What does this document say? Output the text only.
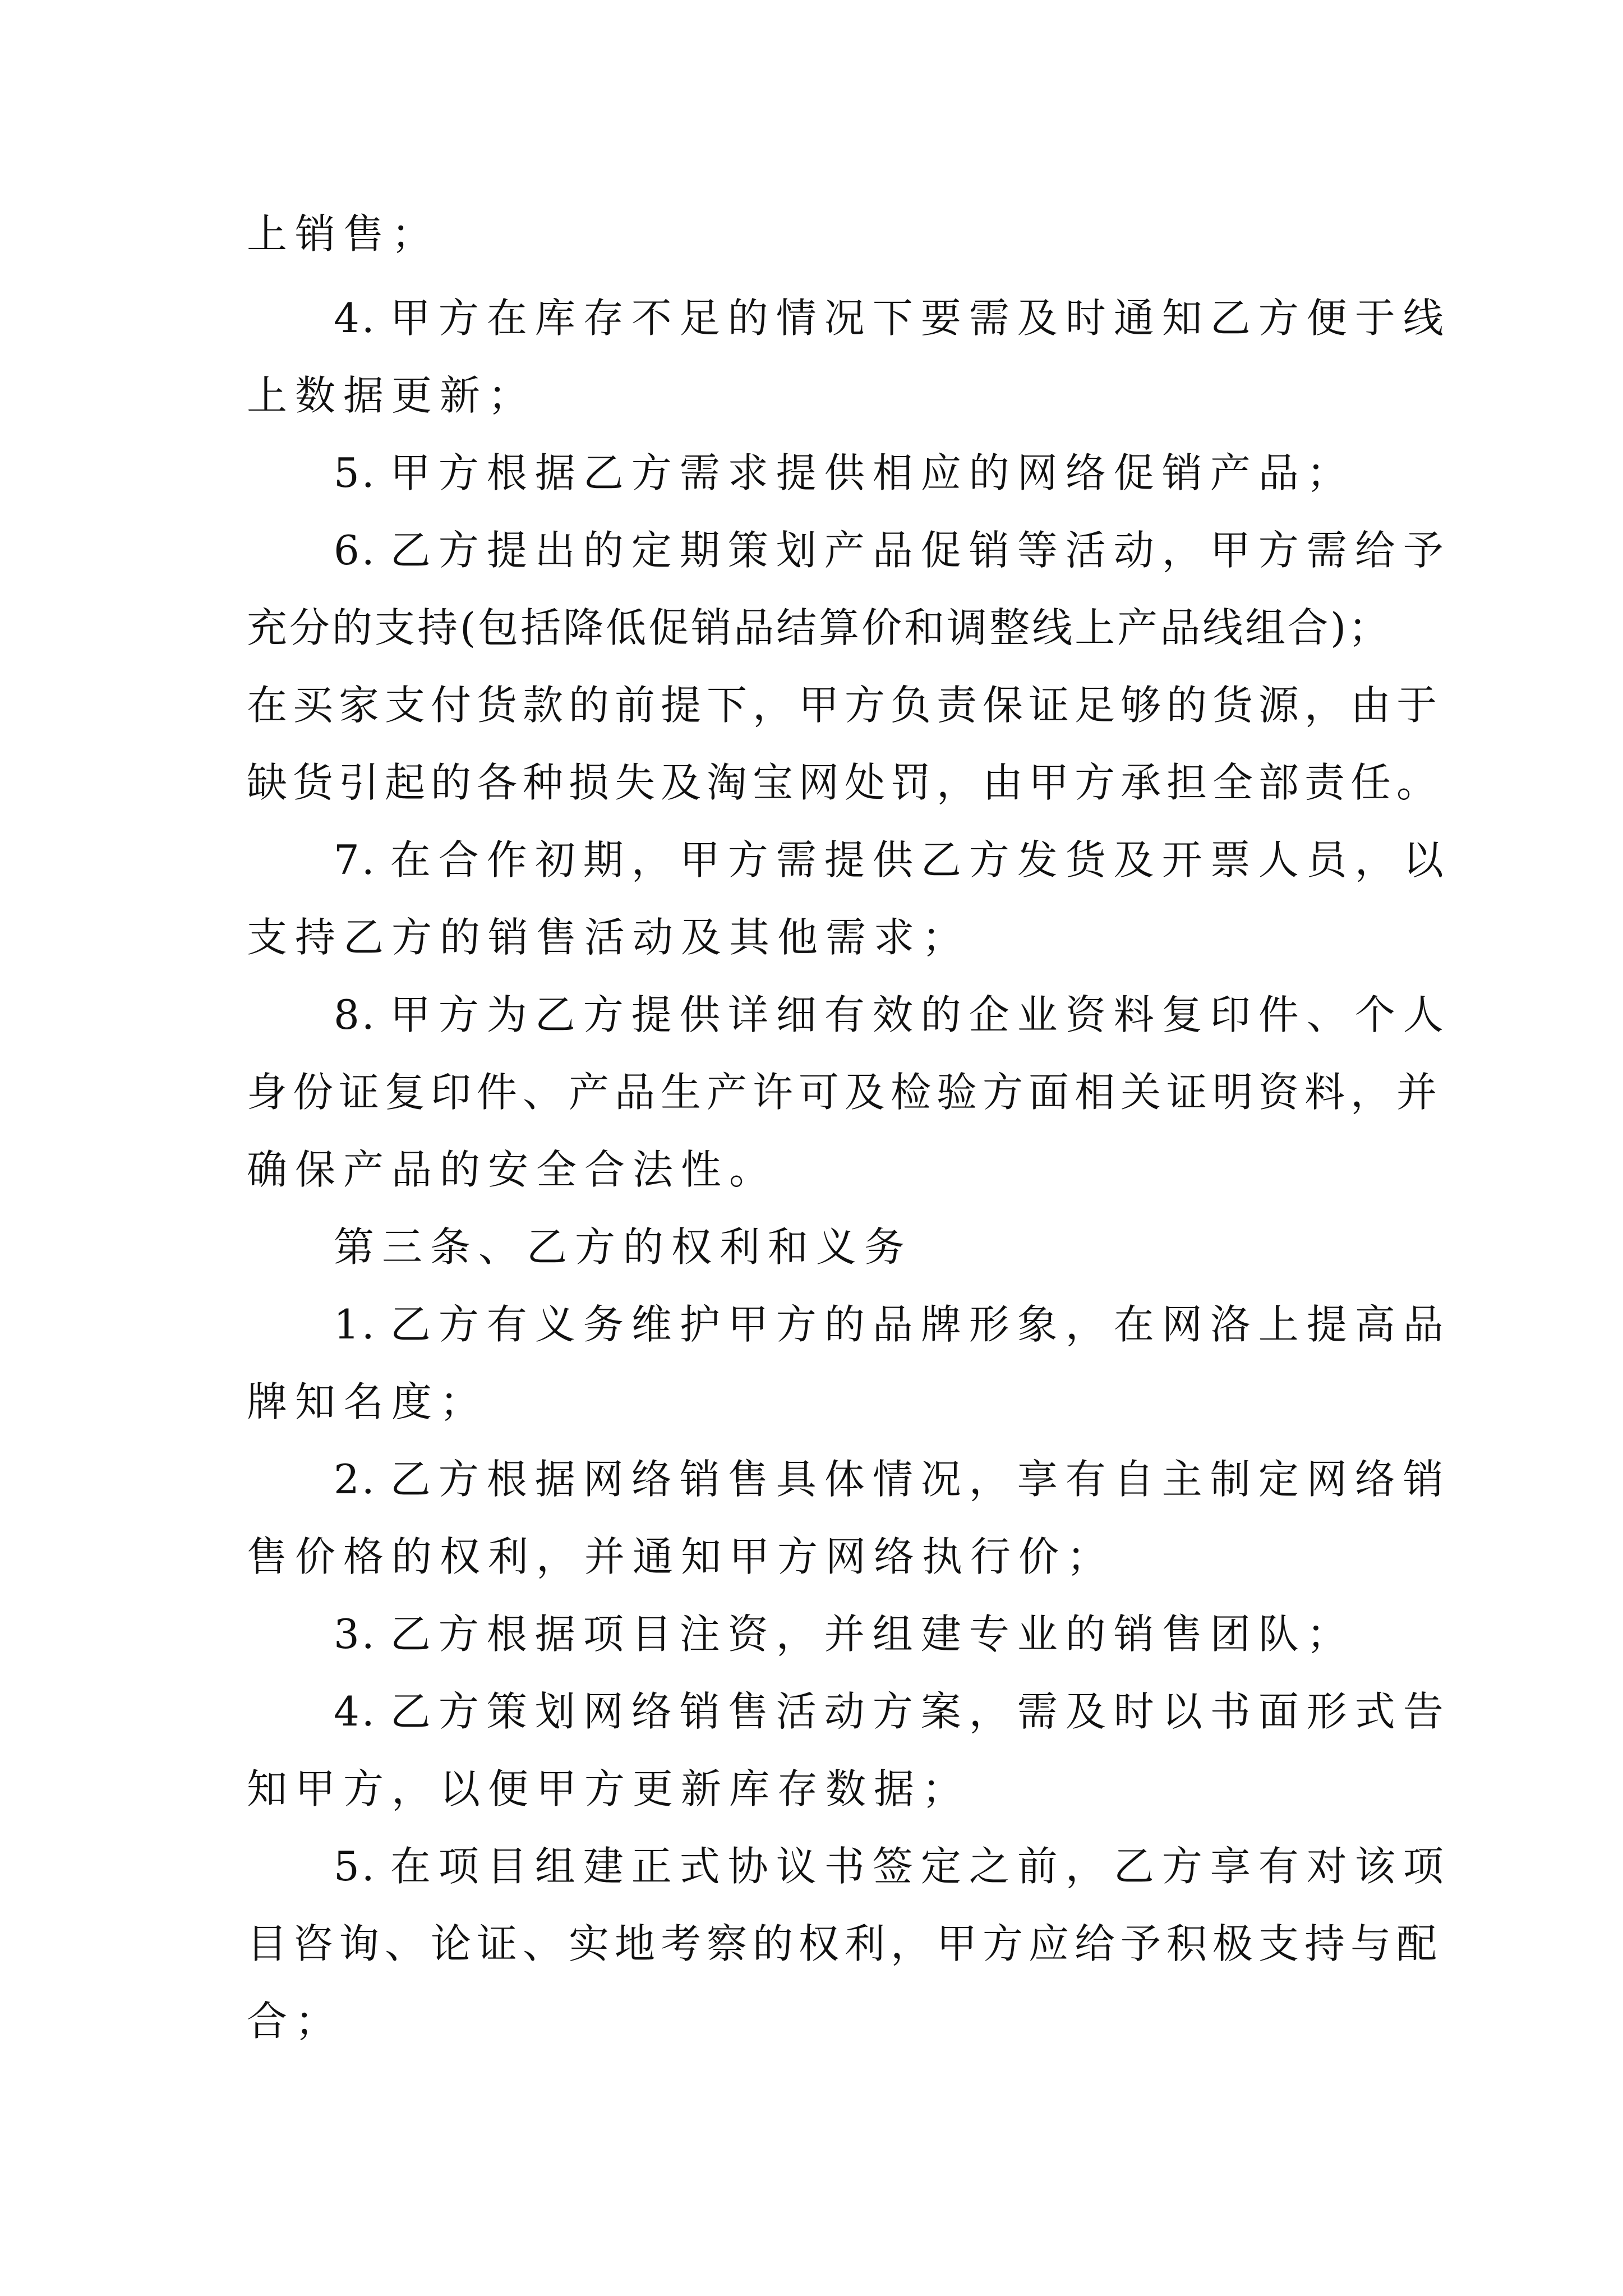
上销售；
4. 甲方在库存不足的情况下要需及时通知乙方便于线
上数据更新；
5. 甲方根据乙方需求提供相应的网络促销产品；
6. 乙方提出的定期策划产品促销等活动，甲方需给予
充分的支持(包括降低促销品结算价和调整线上产品线组合)；
在买家支付货款的前提下，甲方负责保证足够的货源，由于
缺货引起的各种损失及淘宝网处罚，由甲方承担全部责任。
7. 在合作初期，甲方需提供乙方发货及开票人员，以
支持乙方的销售活动及其他需求；
8. 甲方为乙方提供详细有效的企业资料复印件、个人
身份证复印件、产品生产许可及检验方面相关证明资料，并
确保产品的安全合法性。
第三条、乙方的权利和义务
1. 乙方有义务维护甲方的品牌形象，在网洛上提高品
牌知名度；
2. 乙方根据网络销售具体情况，享有自主制定网络销
售价格的权利，并通知甲方网络执行价；
3. 乙方根据项目注资，并组建专业的销售团队；
4. 乙方策划网络销售活动方案，需及时以书面形式告
知甲方，以便甲方更新库存数据；
5. 在项目组建正式协议书签定之前，乙方享有对该项
目咨询、论证、实地考察的权利，甲方应给予积极支持与配
合；
